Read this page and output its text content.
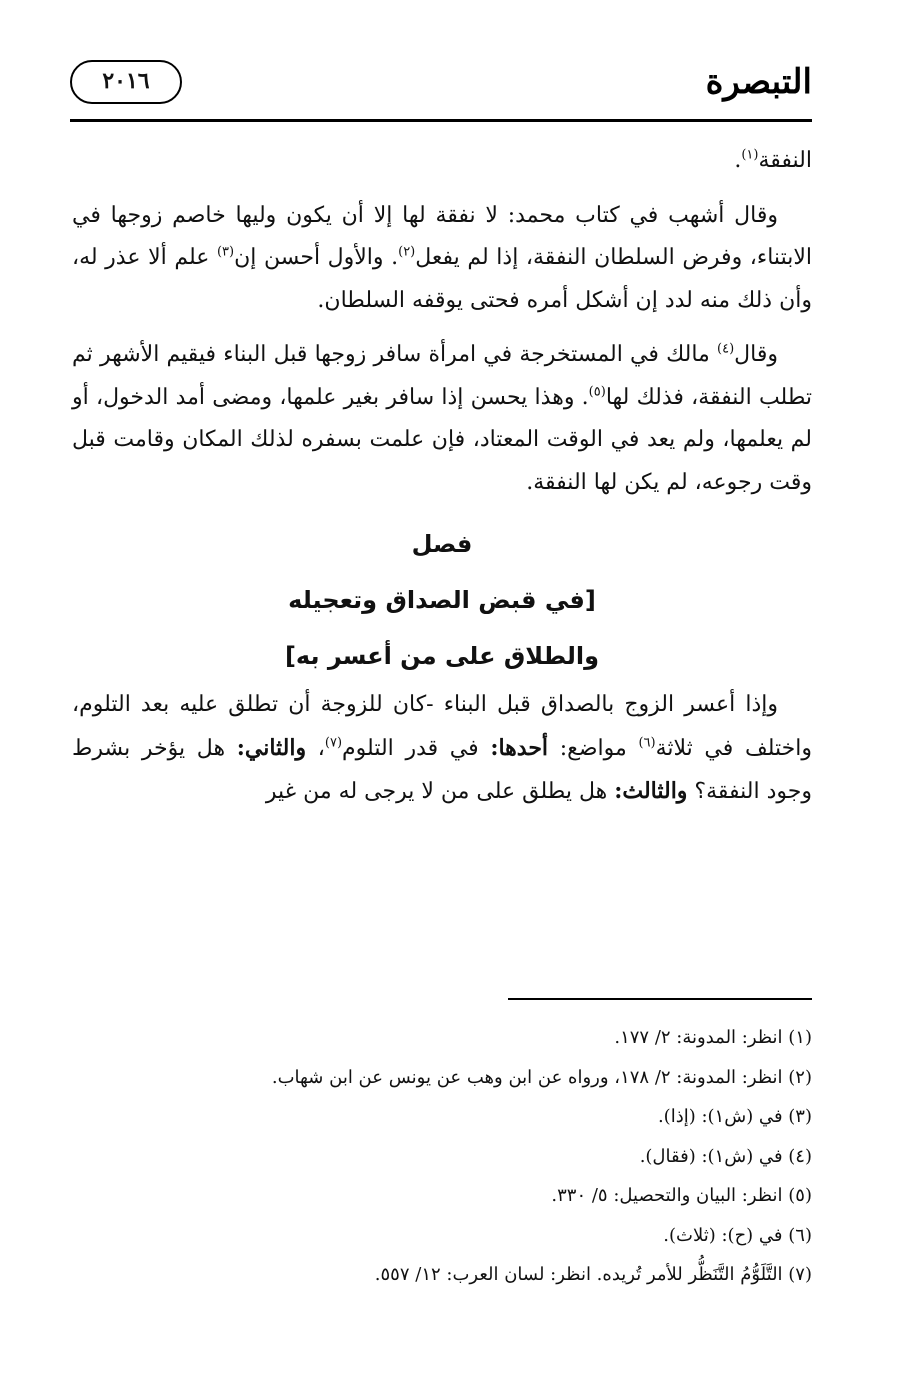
التبصرة
٢٠١٦

النفقة$^{(١)}$.

وقال أشهب في كتاب محمد: لا نفقة لها إلا أن يكون وليها خاصم زوجها في الابتناء، وفرض السلطان النفقة، إذا لم يفعل$^{(٢)}$. والأول أحسن إن$^{(٣)}$ علم ألا عذر له، وأن ذلك منه لدد إن أشكل أمره فحتى يوقفه السلطان.

وقال$^{(٤)}$ مالك في المستخرجة في امرأة سافر زوجها قبل البناء فيقيم الأشهر ثم تطلب النفقة، فذلك لها$^{(٥)}$. وهذا يحسن إذا سافر بغير علمها، ومضى أمد الدخول، أو لم يعلمها، ولم يعد في الوقت المعتاد، فإن علمت بسفره لذلك المكان وقامت قبل وقت رجوعه، لم يكن لها النفقة.

فصل
[في قبض الصداق وتعجيله
والطلاق على من أعسر به]

وإذا أعسر الزوج بالصداق قبل البناء -كان للزوجة أن تطلق عليه بعد التلوم، واختلف في ثلاثة$^{(٦)}$ مواضع: أحدها: في قدر التلوم$^{(٧)}$، والثاني: هل يؤخر بشرط وجود النفقة؟ والثالث: هل يطلق على من لا يرجى له من غير

(١) انظر: المدونة: ٢/ ١٧٧.
(٢) انظر: المدونة: ٢/ ١٧٨، ورواه عن ابن وهب عن يونس عن ابن شهاب.
(٣) في (ش١): (إذا).
(٤) في (ش١): (فقال).
(٥) انظر: البيان والتحصيل: ٥/ ٣٣٠.
(٦) في (ح): (ثلاث).
(٧) التَّلَوُّمُ التَّنَظُّر للأمر تُريده. انظر: لسان العرب: ١٢/ ٥٥٧.
